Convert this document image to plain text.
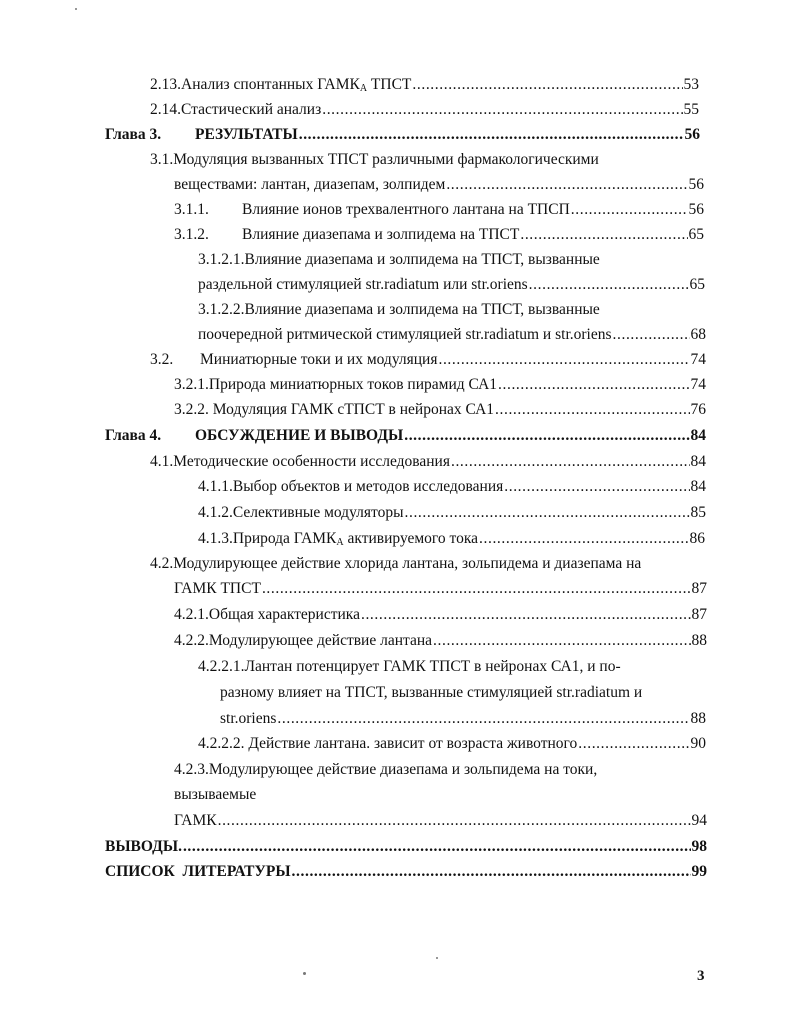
2.13.Анализ спонтанных $ГАМК_А$ ТПСТ .....	53
2.14.Стастический анализ .....	55
Глава 3. РЕЗУЛЬТАТЫ .....	56
3.1.Модуляция вызванных ТПСТ различными фармакологическими
веществами: лантан, диазепам, золпидем .....	56
3.1.1. Влияние ионов трехвалентного лантана на ТПСП .....	56
3.1.2. Влияние диазепама и золпидема на ТПСТ .....	65
3.1.2.1.Влияние диазепама и золпидема на ТПСТ, вызванные
раздельной стимуляцией str.radiatum или str.oriens .....	65
3.1.2.2.Влияние диазепама и золпидема на ТПСТ, вызванные
поочередной ритмической стимуляцией str.radiatum и str.oriens .....	68
3.2. Миниатюрные токи и их модуляция .....	74
3.2.1.Природа миниатюрных токов пирамид СА1 .....	74
3.2.2. Модуляция ГАМК сТПСТ в нейронах СА1 .....	76
Глава 4. ОБСУЖДЕНИЕ И ВЫВОДЫ .....	84
4.1.Методические особенности исследования .....	84
4.1.1.Выбор объектов и методов исследования .....	84
4.1.2.Селективные модуляторы .....	85
4.1.3.Природа $ГАМК_А$ активируемого тока .....	86
4.2.Модулирующее действие хлорида лантана, зольпидема и диазепама на
ГАМК ТПСТ .....	87
4.2.1.Общая характеристика .....	87
4.2.2.Модулирующее действие лантана .....	88
4.2.2.1.Лантан потенцирует ГАМК ТПСТ в нейронах СА1, и по-
разному влияет на ТПСТ, вызванные стимуляцией str.radiatum и
str.oriens .....	88
4.2.2.2. Действие лантана. зависит от возраста животного .....	90
4.2.3.Модулирующее действие диазепама и зольпидема на токи,
вызываемые
ГАМК .....	94
ВЫВОДЫ. .....	98
СПИСОК  ЛИТЕРАТУРЫ .....	99
3
